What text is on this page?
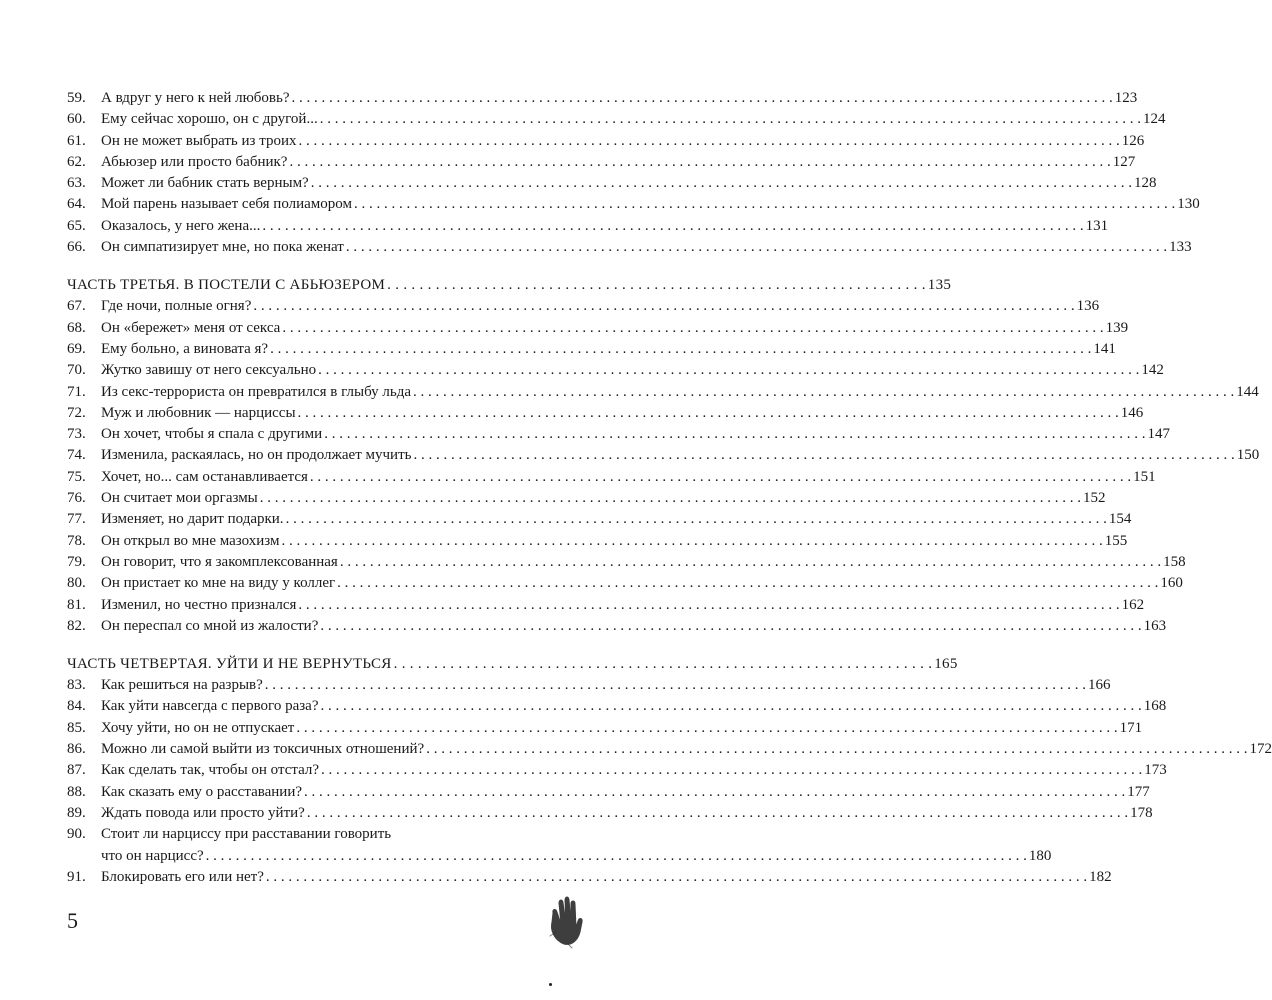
59.	А вдруг у него к ней любовь? . . .	123
60.	Ему сейчас хорошо, он с другой... . . .	124
61.	Он не может выбрать из троих . . .	126
62.	Абьюзер или просто бабник? . . .	127
63.	Может ли бабник стать верным? . . .	128
64.	Мой парень называет себя полиамором . . .	130
65.	Оказалось, у него жена... . . .	131
66.	Он симпатизирует мне, но пока женат . . .	133
ЧАСТЬ ТРЕТЬЯ. В ПОСТЕЛИ С АБЬЮЗЕРОМ . . .	135
67.	Где ночи, полные огня? . . .	136
68.	Он «бережет» меня от секса . . .	139
69.	Ему больно, а виновата я? . . .	141
70.	Жутко завишу от него сексуально . . .	142
71.	Из секс-террориста он превратился в глыбу льда . . .	144
72.	Муж и любовник — нарциссы . . .	146
73.	Он хочет, чтобы я спала с другими . . .	147
74.	Изменила, раскаялась, но он продолжает мучить . . .	150
75.	Хочет, но... сам останавливается . . .	151
76.	Он считает мои оргазмы . . .	152
77.	Изменяет, но дарит подарки. . . .	154
78.	Он открыл во мне мазохизм . . .	155
79.	Он говорит, что я закомплексованная . . .	158
80.	Он пристает ко мне на виду у коллег . . .	160
81.	Изменил, но честно признался . . .	162
82.	Он переспал со мной из жалости? . . .	163
ЧАСТЬ ЧЕТВЕРТАЯ. УЙТИ И НЕ ВЕРНУТЬСЯ . . .	165
83.	Как решиться на разрыв? . . .	166
84.	Как уйти навсегда с первого раза? . . .	168
85.	Хочу уйти, но он не отпускает . . .	171
86.	Можно ли самой выйти из токсичных отношений? . . .	172
87.	Как сделать так, чтобы он отстал? . . .	173
88.	Как сказать ему о расставании? . . .	177
89.	Ждать повода или просто уйти? . . .	178
90.	Стоит ли нарциссу при расставании говорить
что он нарцисс? . . .	180
91.	Блокировать его или нет? . . .	182
5
